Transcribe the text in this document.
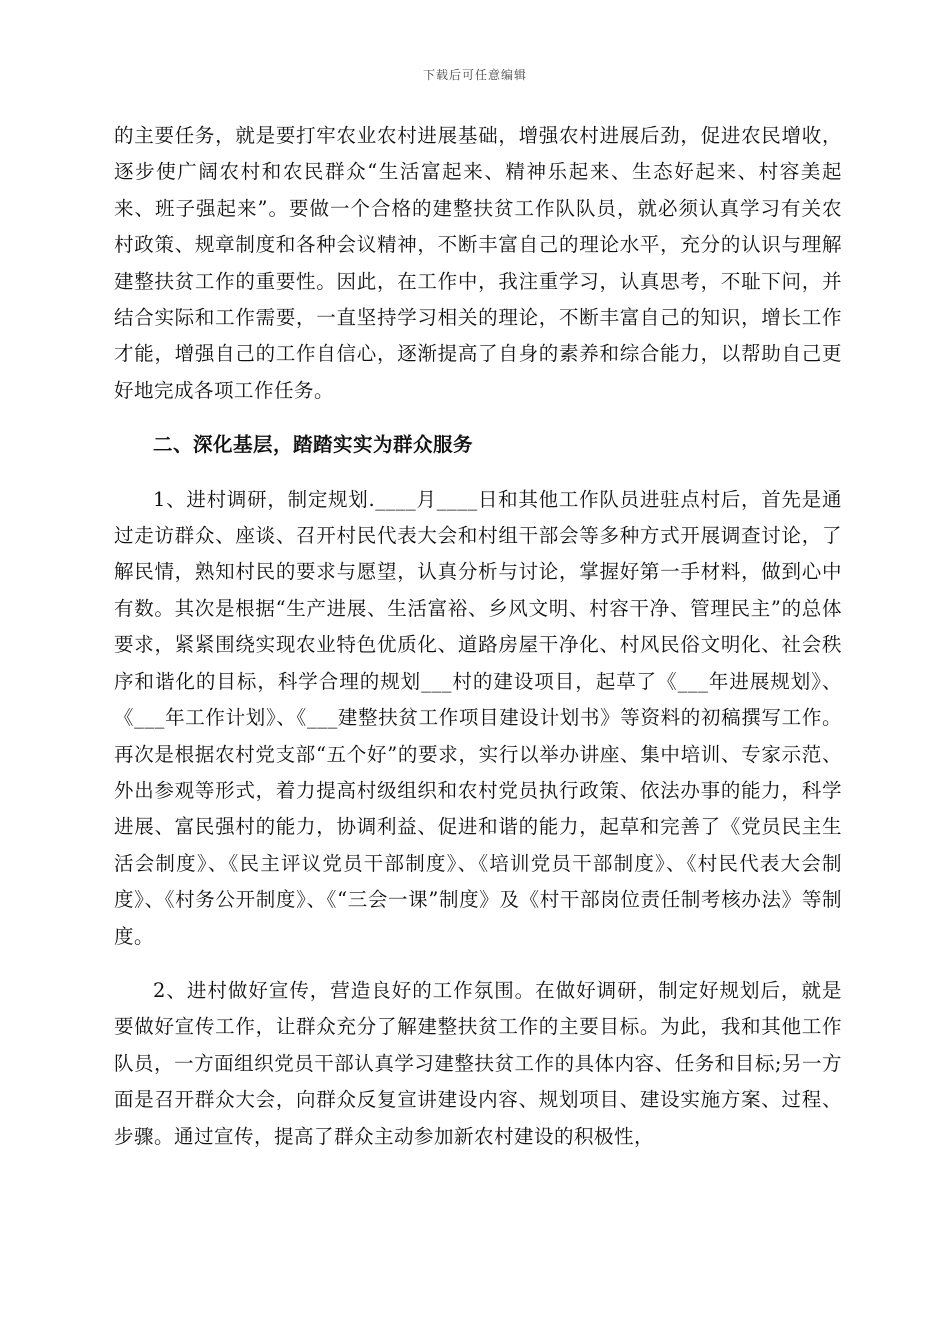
下载后可任意编辑

的主要任务，就是要打牢农业农村进展基础，增强农村进展后劲，促进农民增收，逐步使广阔农村和农民群众“生活富起来、精神乐起来、生态好起来、村容美起来、班子强起来”。要做一个合格的建整扶贫工作队队员，就必须认真学习有关农村政策、规章制度和各种会议精神，不断丰富自己的理论水平，充分的认识与理解建整扶贫工作的重要性。因此，在工作中，我注重学习，认真思考，不耻下问，并结合实际和工作需要，一直坚持学习相关的理论，不断丰富自己的知识，增长工作才能，增强自己的工作自信心，逐渐提高了自身的素养和综合能力，以帮助自己更好地完成各项工作任务。

二、深化基层，踏踏实实为群众服务

1、进村调研，制定规划.____月____日和其他工作队员进驻点村后，首先是通过走访群众、座谈、召开村民代表大会和村组干部会等多种方式开展调查讨论，了解民情，熟知村民的要求与愿望，认真分析与讨论，掌握好第一手材料，做到心中有数。其次是根据“生产进展、生活富裕、乡风文明、村容干净、管理民主”的总体要求，紧紧围绕实现农业特色优质化、道路房屋干净化、村风民俗文明化、社会秩序和谐化的目标，科学合理的规划___村的建设项目，起草了《___年进展规划》、《___年工作计划》、《___建整扶贫工作项目建设计划书》等资料的初稿撰写工作。再次是根据农村党支部“五个好”的要求，实行以举办讲座、集中培训、专家示范、外出参观等形式，着力提高村级组织和农村党员执行政策、依法办事的能力，科学进展、富民强村的能力，协调利益、促进和谐的能力，起草和完善了《党员民主生活会制度》、《民主评议党员干部制度》、《培训党员干部制度》、《村民代表大会制度》、《村务公开制度》、《“三会一课”制度》及《村干部岗位责任制考核办法》等制度。

2、进村做好宣传，营造良好的工作氛围。在做好调研，制定好规划后，就是要做好宣传工作，让群众充分了解建整扶贫工作的主要目标。为此，我和其他工作队员，一方面组织党员干部认真学习建整扶贫工作的具体内容、任务和目标;另一方面是召开群众大会，向群众反复宣讲建设内容、规划项目、建设实施方案、过程、步骤。通过宣传，提高了群众主动参加新农村建设的积极性，
